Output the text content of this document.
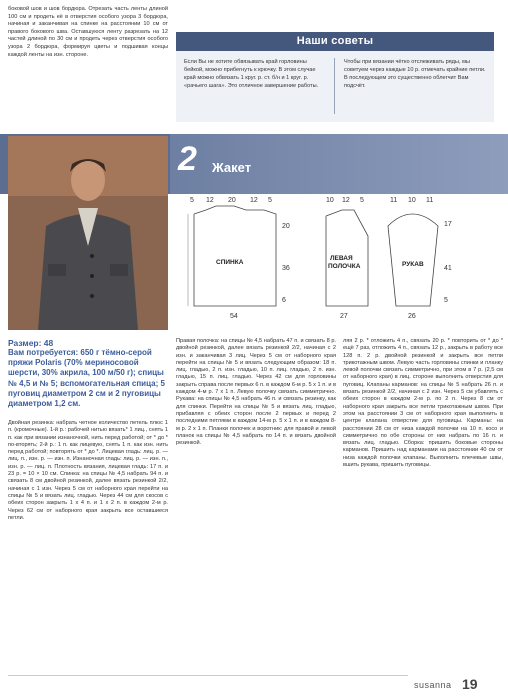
боковой шов и шов бордюра. Отрезать часть ленты длиной 100 см и продеть её в отверстия особого узора 3 бордюра, начиная и заканчивая на спинке на расстоянии 10 см от правого бокового шва. Оставшуюся ленту разрезать на 12 частей длиной по 30 см и продеть через отверстия особого узора 2 бордюра, формируя цветы и подшивая концы каждой ленты на изн. стороне.
Наши советы
Если Вы не хотите обвязывать край горловины бейкой, можно прибегнуть к крючку. В этом случае край можно обвязать 1 круг. р. ст. б/н и 1 круг. р. «рачьего шага». Это отличное завершение работы.
Чтобы при вязании чётко отслеживать ряды, мы советуем через каждые 10 р. отмечать крайние петли. В последующем это существенно облегчит Вам подсчёт.
2 Жакет
СПИНКА
5 12 20 12 5
20
36
6
54
ЛЕВАЯ
ПОЛОЧКА
10 12 5
27
РУКАВ
11 10 11
17
41
5
26
Размер: 48
Вам потребуется: 650 г тёмно-серой пряжи Polaris (70% мериносовой шерсти, 30% акрила, 100 м/50 г); спицы № 4,5 и № 5; вспомогательная спица; 5 пуговиц диаметром 2 см и 2 пуговицы диаметром 1,2 см.
Двойная резинка: набрать четное количество петель плюс 1 п. (кромочные). 1-й р.: рабочей нитью вязать* 1 лиц., снять 1 п. как при вязании изнаночной, нить перед работой; от * до * по-вторять; 2-й р.: 1 п. как лицевую, снять 1 п. как изн. нить перед работой; повторять от * до *. Лицевая гладь: лиц. р. — лиц. п., изн. р. — изн. п. Изнаночная гладь: лиц. р. — изн. п., изн. р. — лиц. п. Плотность вязания, лицевая гладь: 17 п. и 23 р. = 10 × 10 см. Спинка: на спицы № 4,5 набрать 94 п. и связать 8 см двойной резинкой, далее вязать резинкой 2/2, начиная с 1 изн. Через 5 см от наборного края перейти на спицы № 5 и вязать лиц. гладью. Через 44 см для скосов с обеих сторон закрыть 1 х 4 п. и 1 х 2 п. в каждом 2-м р. Через 62 см от наборного края закрыть все оставшиеся петли.
Правая полочка: на спицы № 4,5 набрать 47 п. и связать 8 р. двойной резинкой, далее вязать резинкой 2/2, начиная с 2 изн. и заканчивая 3 лиц. Через 5 см от наборного края перейти на спицы № 5 и вязать следующим образом: 18 п. лиц. гладью, 2 п. изн. гладью, 10 п. лиц. гладью, 2 п. изн. гладью, 15 п. лиц. гладью. Через 42 см для горловины закрыть справа после первых 6 п. в каждом 6-м р. 5 х 1 п. и в каждом 4-м р. 7 х 1 п. Левую полочку связать симметрично. Рукава: на спицы № 4,5 набрать 46 п. и связать резинку, как для спинки. Перейти на спицы № 5 и вязать лиц. гладью, прибавляя с обеих сторон после 2 первых и перед 2 последними петлями в каждом 14-м р. 5 х 1 п. и в каждом 8-м р. 2 х 1 п. Планки полочек и воротник: для правой и левой планок на спицы № 4,5 набрать по 14 п. и вязать двойной резинкой.
ляя 2 р. * отложить 4 п., связать 20 р. * повторить от * до * ещё 7 раз, отложить 4 п., связать 12 р., закрыть в работу все 128 п. 2 р. двойной резинкой и закрыть все петли трикотажным швом. Левую часть горловины спинки и планку левой полочки связать симметрично, при этом в 7 р. (2,5 см от наборного края) в лиц. стороне выполнить отверстия для пуговиц. Клапаны карманов: на спицы № 5 набрать 26 п. и вязать резинкой 2/2, начиная с 2 изн. Через 5 см убавлять с обеих сторон в каждом 2-м р. по 2 п. Через 8 см от наборного края закрыть все петли трикотажным швом. При этом на расстоянии 3 см от наборного края выполнить в центре клапана отверстие для пуговицы. Карманы: на расстоянии 28 см от низа каждой полочки на 10 п. косо и симметрично по обе стороны от них набрать по 16 п. и вязать лиц. гладью. Сборка: пришить боковые стороны карманов. Пришить над карманами на расстоянии 40 см от низа каждой полочки клапаны. Выполнить плечевые швы, вшить рукава, пришить пуговицы.
susanna 19
